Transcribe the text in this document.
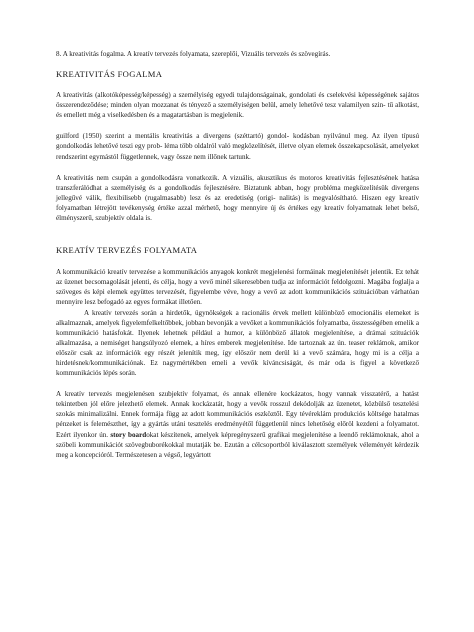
8. A kreativitás fogalma. A kreatív tervezés folyamata, szereplői, Vizuális tervezés és szövegírás.

KREATIVITÁS FOGALMA

A kreativitás (alkotóképesség/képesség) a személyiség egyedi tulajdonságainak, gondolati és cselekvési képességének sajátos összerendeződése; minden olyan mozzanat és tényező a személyiségen belül, amely lehetővé tesz valamilyen szin- tű alkotást, és emellett még a viselkedésben és a magatartásban is megjelenik.

guilford (1950) szerint a mentális kreativitás a divergens (széttartó) gondol- kodásban nyilvánul meg. Az ilyen típusú gondolkodás lehetővé teszi egy prob- léma több oldalról való megközelítését, illetve olyan elemek összekapcsolását, amelyeket rendszerint egymástól függetlennek, vagy össze nem illőnek tartunk.

A kreativitás nem csupán a gondolkodásra vonatkozik. A vizuális, akusztikus és motoros kreativitás fejlesztésének hatása transzferálódhat a személyiség és a gondolkodás fejlesztésére. Biztatunk abban, hogy probléma megközelítésük divergens jellegűvé válik, flexibilisebb (rugalmasabb) lesz és az eredetiség (origi- nalitás) is megvalósítható. Hiszen egy kreatív folyamatban létrejött tevékenység értéke azzal mérhető, hogy mennyire új és értékes egy kreatív folyamatnak lehet belső, élményszerű, szubjektív oldala is.

KREATÍV TERVEZÉS FOLYAMATA

A kommunikáció kreatív tervezése a kommunikációs anyagok konkrét megjelenési formáinak megjelenítését jelentik. Ez tehát az üzenet becsomagolását jelenti, és célja, hogy a vevő minél sikeresebben tudja az információt feldolgozni. Magába foglalja a szöveges és képi elemek együttes tervezését, figyelembe véve, hogy a vevő az adott kommunikációs szituációban várhatóan mennyire lesz befogadó az egyes formákat illetően.

A kreatív tervezés során a hirdetők, ügynökségek a racionális érvek mellett különböző emocionális elemeket is alkalmaznak, amelyek figyelemfelkeltőbbek, jobban bevonják a vevőket a kommunikációs folyamatba, összességében emelik a kommunikáció hatásfokát. Ilyenek lehetnek például a humor, a különböző állatok megjelenítése, a drámai szituációk alkalmazása, a nemiséget hangsúlyozó elemek, a híres emberek megjelenítése. Ide tartoznak az ún. teaser reklámok, amikor először csak az információk egy részét jelenítik meg, így először nem derül ki a vevő számára, hogy mi is a célja a hirdetésnek/kommunikációnak. Ez nagymértékben emeli a vevők kíváncsiságát, és már oda is figyel a következő kommunikációs lépés során.

A kreatív tervezés megjelenésen szubjektív folyamat, és annak ellenére kockázatos, hogy vannak visszatérő, a hatást tekintetben jól előre jelezhető elemek. Annak kockázatát, hogy a vevők rosszul dekódolják az üzenetet, közbülső tesztelési szokás minimalizálni. Ennek formája függ az adott kommunikációs eszköztől. Egy tévéreklám produkciós költsége hatalmas pénzeket is felemészthet, így a gyártás utáni tesztelés eredményétől függetlenül nincs lehetőség előröl kezdeni a folyamatot. Ezért ilyenkor ún. story boardokat készítenek, amelyek képregényszerű grafikai megjelenítése a leendő reklámoknak, ahol a szöbeli kommunikációt szövegbuborékokkal mutatják be. Ezután a célcsoportból kiválasztott személyek véleményét kérdezik meg a koncepcióról. Természetesen a végső, legyártott
